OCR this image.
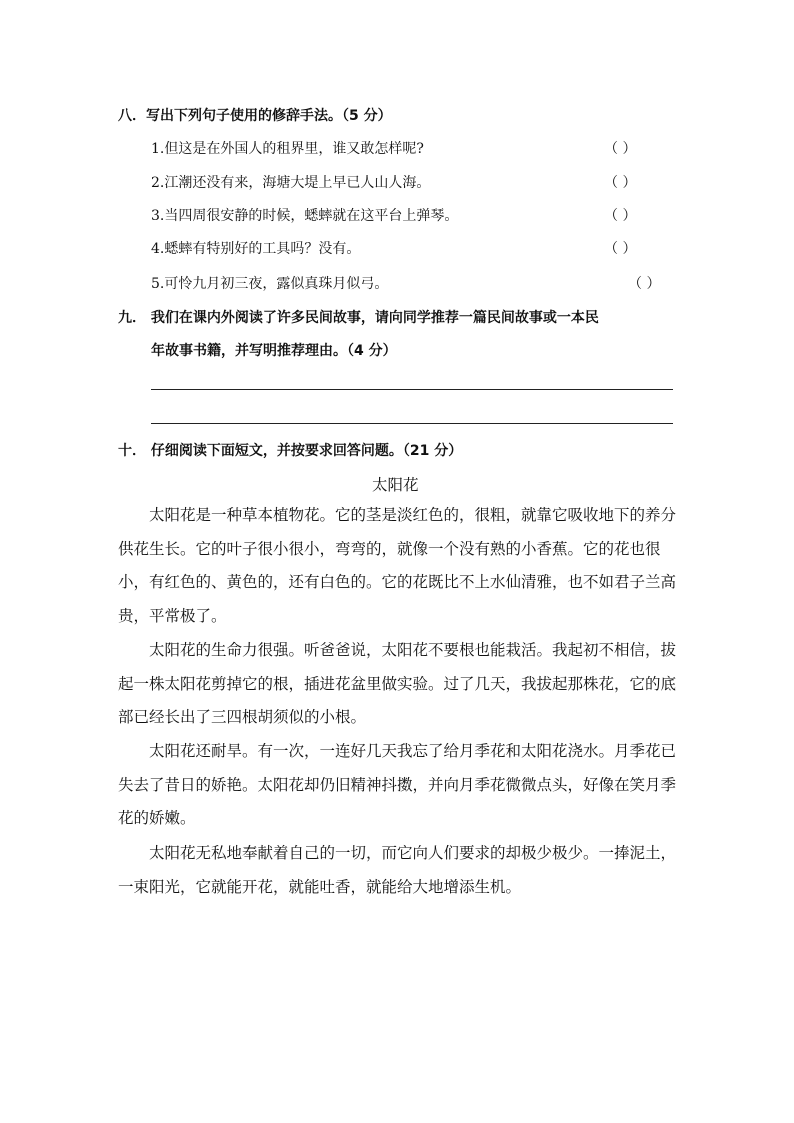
八．写出下列句子使用的修辞手法。（5 分）
1.但这是在外国人的租界里，谁又敢怎样呢?	（ ）
2.江潮还没有来，海塘大堤上早已人山人海。	（ ）
3.当四周很安静的时候，蟋蟀就在这平台上弹琴。	（ ）
4.蟋蟀有特别好的工具吗？没有。	（ ）
5.可怜九月初三夜，露似真珠月似弓。	（ ）
九． 我们在课内外阅读了许多民间故事，请向同学推荐一篇民间故事或一本民
年故事书籍，并写明推荐理由。（4 分）
十． 仔细阅读下面短文，并按要求回答问题。（21 分）
太阳花
太阳花是一种草本植物花。它的茎是淡红色的，很粗，就靠它吸收地下的养分供花生长。它的叶子很小很小，弯弯的，就像一个没有熟的小香蕉。它的花也很小，有红色的、黄色的，还有白色的。它的花既比不上水仙清雅，也不如君子兰高贵，平常极了。
太阳花的生命力很强。听爸爸说，太阳花不要根也能栽活。我起初不相信，拔起一株太阳花剪掉它的根，插进花盆里做实验。过了几天，我拔起那株花，它的底部已经长出了三四根胡须似的小根。
太阳花还耐旱。有一次，一连好几天我忘了给月季花和太阳花浇水。月季花已失去了昔日的娇艳。太阳花却仍旧精神抖擞，并向月季花微微点头，好像在笑月季花的娇嫩。
太阳花无私地奉献着自己的一切，而它向人们要求的却极少极少。一捧泥土，一束阳光，它就能开花，就能吐香，就能给大地增添生机。
